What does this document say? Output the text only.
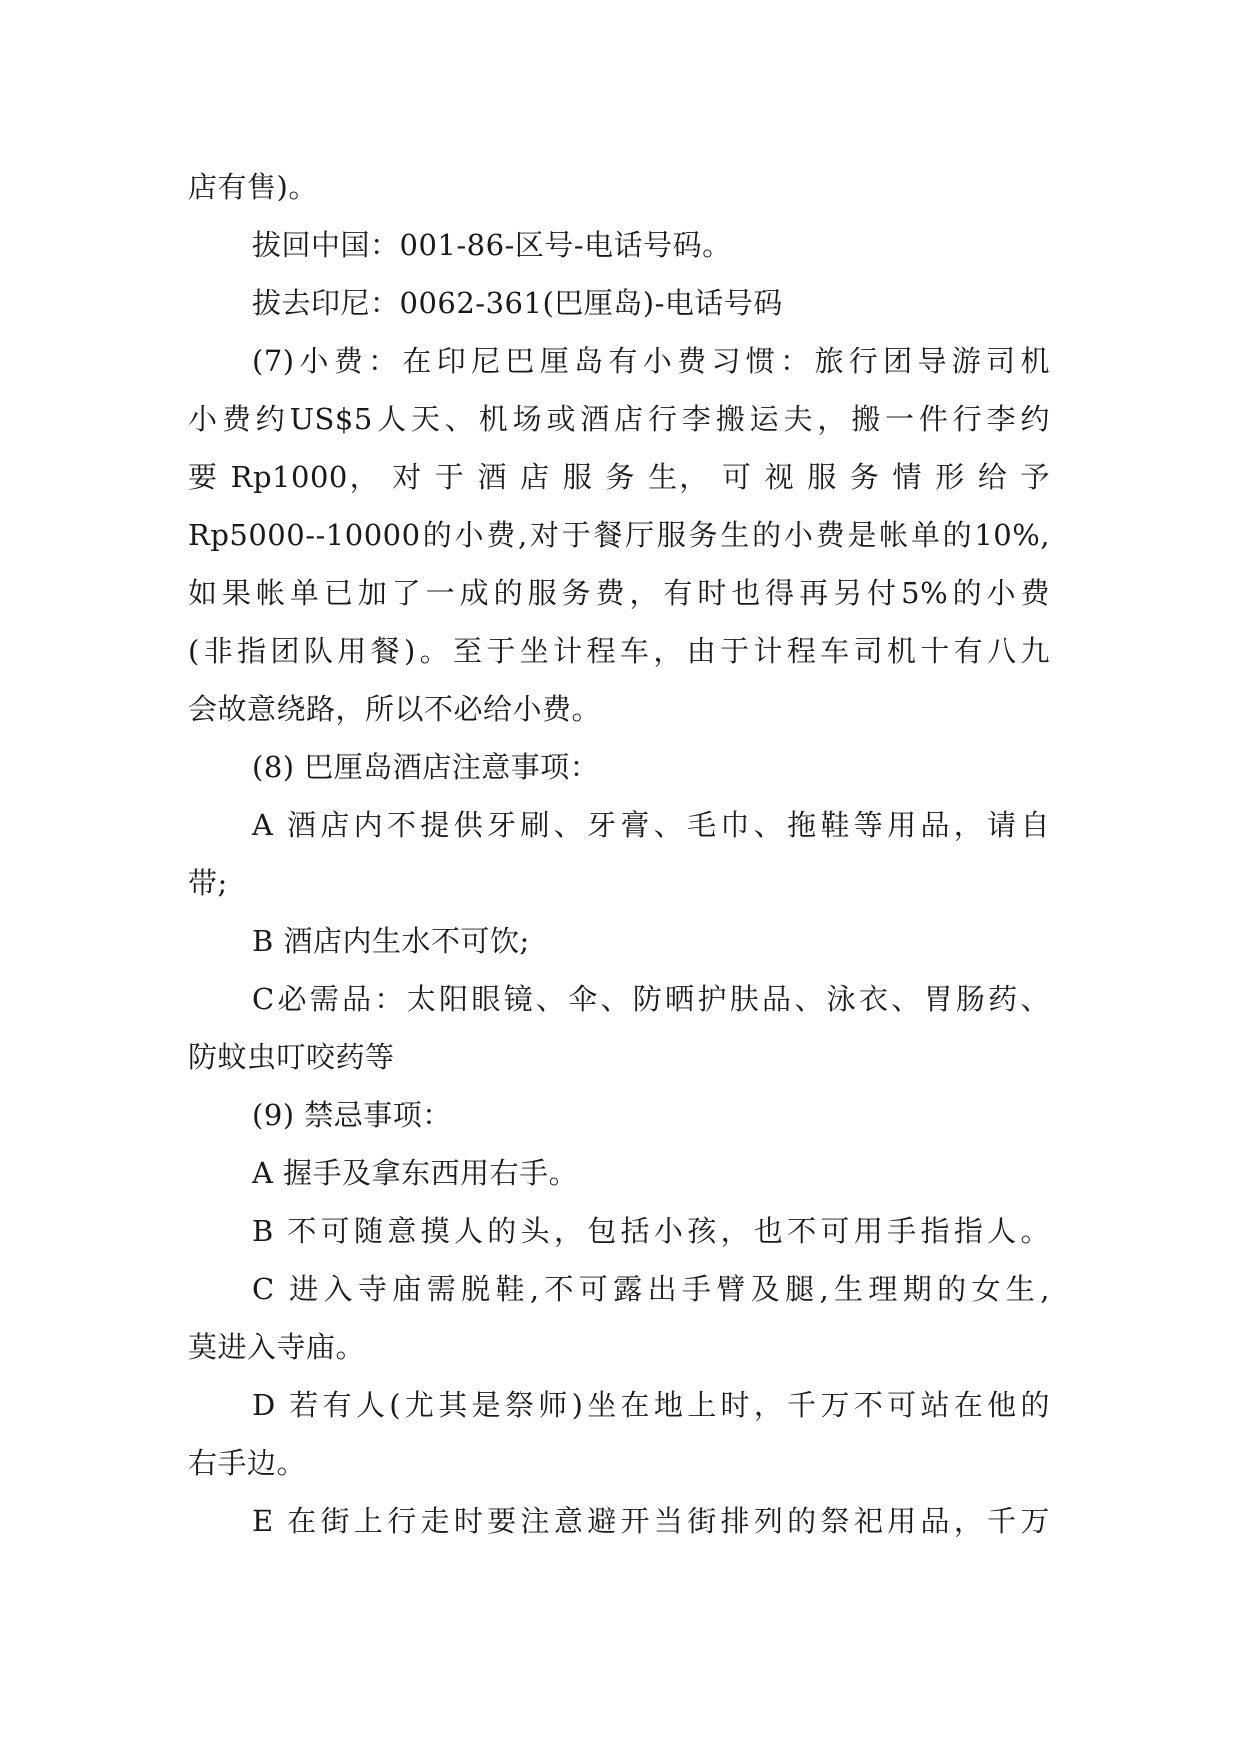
店有售)。
拔回中国：001-86-区号-电话号码。
拔去印尼：0062-361(巴厘岛)-电话号码
(7)小费：在印尼巴厘岛有小费习惯：旅行团导游司机
小费约US$5人天、机场或酒店行李搬运夫，搬一件行李约
要 Rp1000， 对 于 酒 店 服 务 生， 可 视 服 务 情 形 给 予
Rp5000--10000的小费,对于餐厅服务生的小费是帐单的10%,
如果帐单已加了一成的服务费，有时也得再另付5%的小费
(非指团队用餐)。至于坐计程车，由于计程车司机十有八九
会故意绕路，所以不必给小费。
(8) 巴厘岛酒店注意事项：
A 酒店内不提供牙刷、牙膏、毛巾、拖鞋等用品，请自
带;
B 酒店内生水不可饮;
C必需品：太阳眼镜、伞、防晒护肤品、泳衣、胃肠药、
防蚊虫叮咬药等
(9) 禁忌事项：
A 握手及拿东西用右手。
B 不可随意摸人的头，包括小孩，也不可用手指指人。
C 进入寺庙需脱鞋,不可露出手臂及腿,生理期的女生,
莫进入寺庙。
D 若有人(尤其是祭师)坐在地上时，千万不可站在他的
右手边。
E 在街上行走时要注意避开当街排列的祭祀用品，千万
